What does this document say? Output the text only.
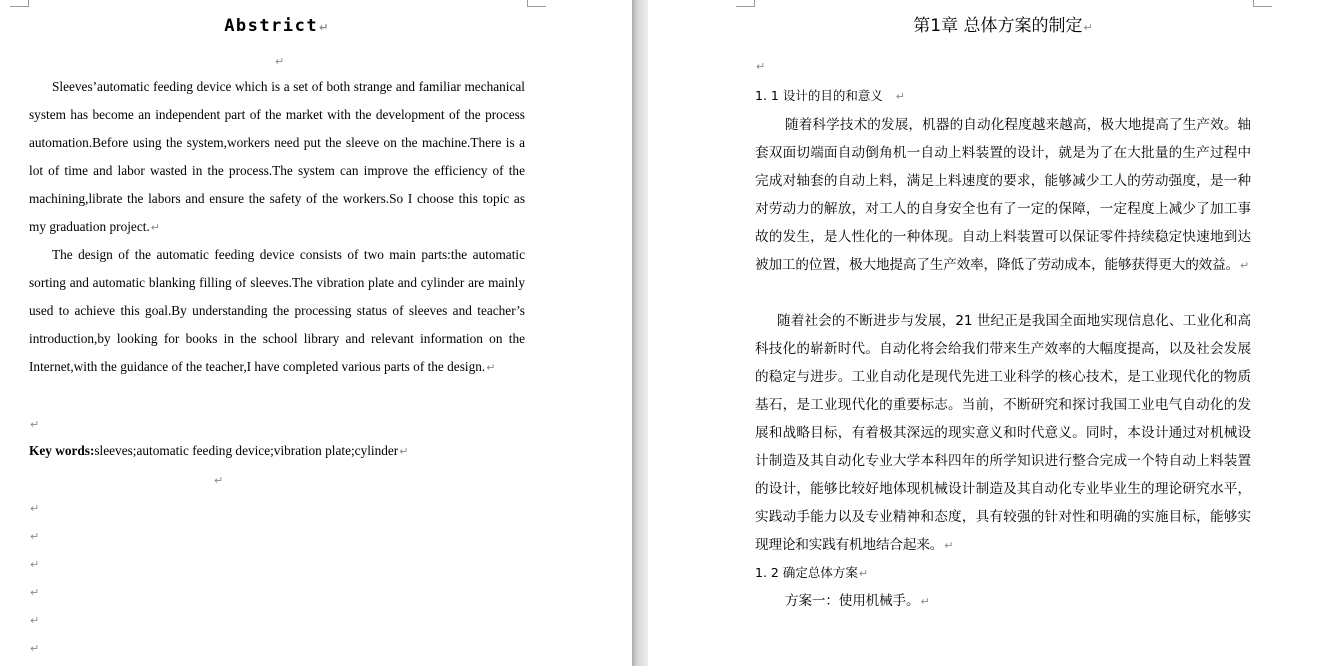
Abstrict↵
↵

Sleeves’automatic feeding device which is a set of both strange and familiar mechanical system has become an independent part of the market with the development of the process automation.Before using the system,workers need put the sleeve on the machine.There is a lot of time and labor wasted in the process.The system can improve the efficiency of the machining,librate the labors and ensure the safety of the workers.So I choose this topic as my graduation project.↵

The design of the automatic feeding device consists of two main parts:the automatic sorting and automatic blanking filling of sleeves.The vibration plate and cylinder are mainly used to achieve this goal.By understanding the processing status of sleeves and teacher’s introduction,by looking for books in the school library and relevant information on the Internet,with the guidance of the teacher,I have completed various parts of the design.↵

↵

Key words:sleeves;automatic feeding device;vibration plate;cylinder↵

↵
↵
↵
↵
↵
↵
↵
第1章 总体方案的制定↵
↵
1. 1 设计的目的和意义 ↵

随着科学技术的发展，机器的自动化程度越来越高，极大地提高了生产效。轴套双面切端面自动倒角机一自动上料装置的设计，就是为了在大批量的生产过程中完成对轴套的自动上料，满足上料速度的要求，能够减少工人的劳动强度，是一种对劳动力的解放，对工人的自身安全也有了一定的保障，一定程度上减少了加工事故的发生，是人性化的一种体现。自动上料装置可以保证零件持续稳定快速地到达被加工的位置，极大地提高了生产效率，降低了劳动成本，能够获得更大的效益。↵

随着社会的不断进步与发展，21 世纪正是我国全面地实现信息化、工业化和高科技化的崭新时代。自动化将会给我们带来生产效率的大幅度提高，以及社会发展的稳定与进步。工业自动化是现代先进工业科学的核心技术，是工业现代化的物质基石，是工业现代化的重要标志。当前，不断研究和探讨我国工业电气自动化的发展和战略目标，有着极其深远的现实意义和时代意义。同时，本设计通过对机械设计制造及其自动化专业大学本科四年的所学知识进行整合完成一个特自动上料装置的设计，能够比较好地体现机械设计制造及其自动化专业毕业生的理论研究水平，实践动手能力以及专业精神和态度，具有较强的针对性和明确的实施目标，能够实现理论和实践有机地结合起来。↵

1. 2 确定总体方案↵

方案一：使用机械手。↵
